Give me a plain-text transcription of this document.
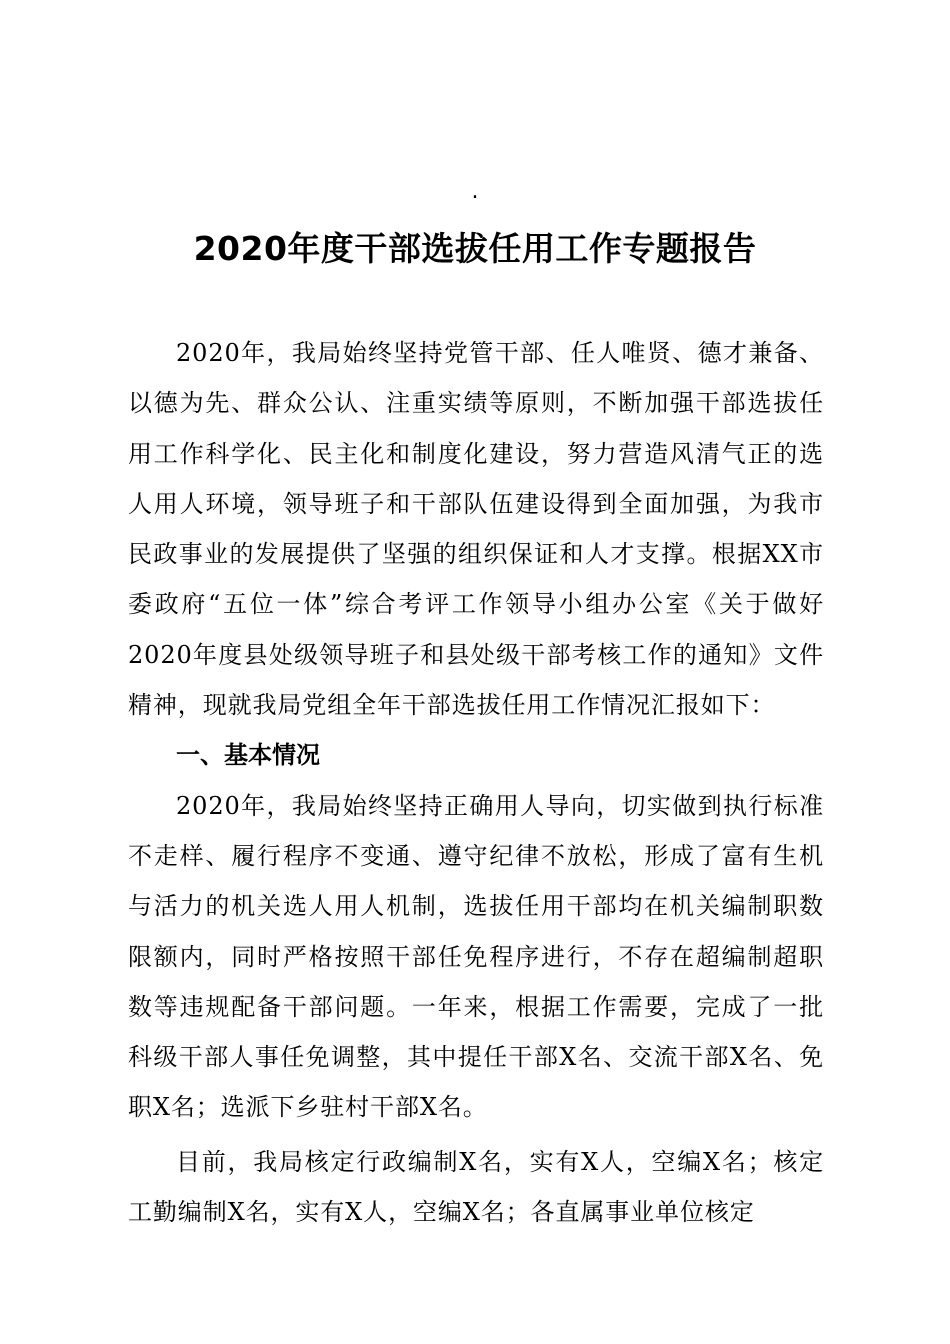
.
2020年度干部选拔任用工作专题报告

2020年，我局始终坚持党管干部、任人唯贤、德才兼备、以德为先、群众公认、注重实绩等原则，不断加强干部选拔任用工作科学化、民主化和制度化建设，努力营造风清气正的选人用人环境，领导班子和干部队伍建设得到全面加强，为我市民政事业的发展提供了坚强的组织保证和人才支撑。根据XX市委政府“五位一体”综合考评工作领导小组办公室《关于做好2020年度县处级领导班子和县处级干部考核工作的通知》文件精神，现就我局党组全年干部选拔任用工作情况汇报如下：

一、基本情况

2020年，我局始终坚持正确用人导向，切实做到执行标准不走样、履行程序不变通、遵守纪律不放松，形成了富有生机与活力的机关选人用人机制，选拔任用干部均在机关编制职数限额内，同时严格按照干部任免程序进行，不存在超编制超职数等违规配备干部问题。一年来，根据工作需要，完成了一批科级干部人事任免调整，其中提任干部X名、交流干部X名、免职X名；选派下乡驻村干部X名。

目前，我局核定行政编制X名，实有X人，空编X名；核定工勤编制X名，实有X人，空编X名；各直属事业单位核定
